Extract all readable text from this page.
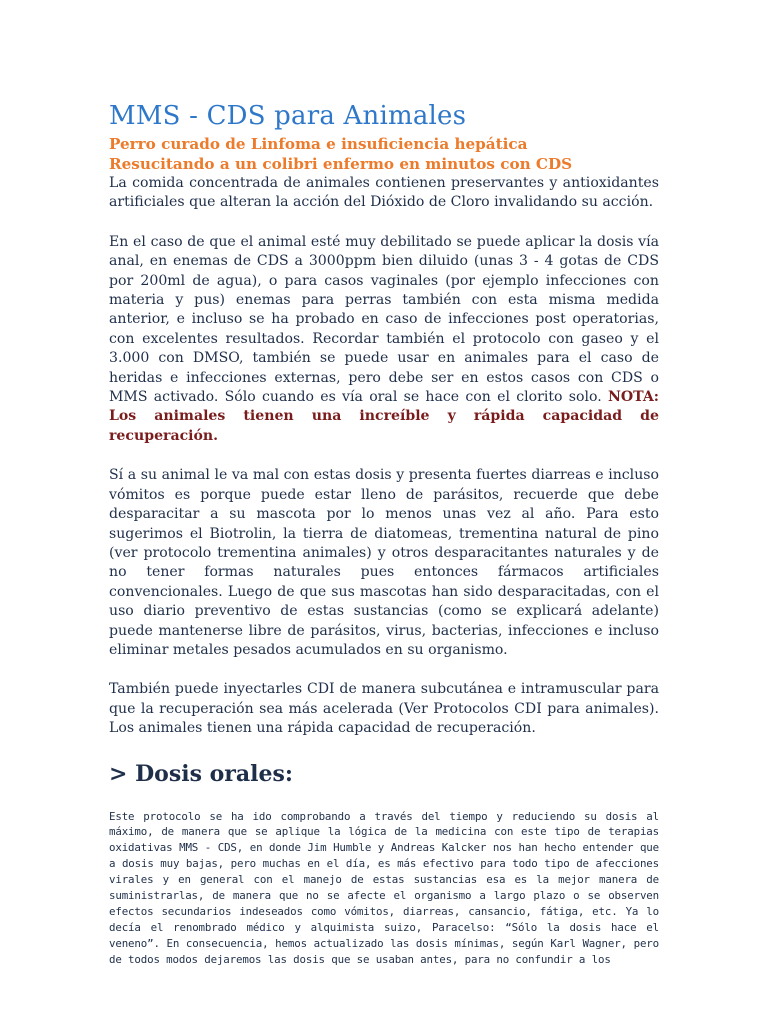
MMS - CDS para Animales
Perro curado de Linfoma e insuficiencia hepática
Resucitando a un colibri enfermo en minutos con CDS

La comida concentrada de animales contienen preservantes y antioxidantes artificiales que alteran la acción del Dióxido de Cloro invalidando su acción.

En el caso de que el animal esté muy debilitado se puede aplicar la dosis vía anal, en enemas de CDS a 3000ppm bien diluido (unas 3 - 4 gotas de CDS por 200ml de agua), o para casos vaginales (por ejemplo infecciones con materia y pus) enemas para perras también con esta misma medida anterior, e incluso se ha probado en caso de infecciones post operatorias, con excelentes resultados. Recordar también el protocolo con gaseo y el 3.000 con DMSO, también se puede usar en animales para el caso de heridas e infecciones externas, pero debe ser en estos casos con CDS o MMS activado. Sólo cuando es vía oral se hace con el clorito solo. NOTA: Los animales tienen una increíble y rápida capacidad de recuperación.

Sí a su animal le va mal con estas dosis y presenta fuertes diarreas e incluso vómitos es porque puede estar lleno de parásitos, recuerde que debe desparacitar a su mascota por lo menos unas vez al año. Para esto sugerimos el Biotrolin, la tierra de diatomeas, trementina natural de pino (ver protocolo trementina animales) y otros desparacitantes naturales y de no tener formas naturales pues entonces fármacos artificiales convencionales. Luego de que sus mascotas han sido desparacitadas, con el uso diario preventivo de estas sustancias (como se explicará adelante) puede mantenerse libre de parásitos, virus, bacterias, infecciones e incluso eliminar metales pesados acumulados en su organismo.

También puede inyectarles CDI de manera subcutánea e intramuscular para que la recuperación sea más acelerada (Ver Protocolos CDI para animales). Los animales tienen una rápida capacidad de recuperación.

> Dosis orales:

Este protocolo se ha ido comprobando a través del tiempo y reduciendo su dosis al máximo, de manera que se aplique la lógica de la medicina con este tipo de terapias oxidativas MMS - CDS, en donde Jim Humble y Andreas Kalcker nos han hecho entender que a dosis muy bajas, pero muchas en el día, es más efectivo para todo tipo de afecciones virales y en general con el manejo de estas sustancias esa es la mejor manera de suministrarlas, de manera que no se afecte el organismo a largo plazo o se observen efectos secundarios indeseados como vómitos, diarreas, cansancio, fátiga, etc. Ya lo decía el renombrado médico y alquimista suizo, Paracelso: “Sólo la dosis hace el veneno”. En consecuencia, hemos actualizado las dosis mínimas, según Karl Wagner, pero de todos modos dejaremos las dosis que se usaban antes, para no confundir a los
